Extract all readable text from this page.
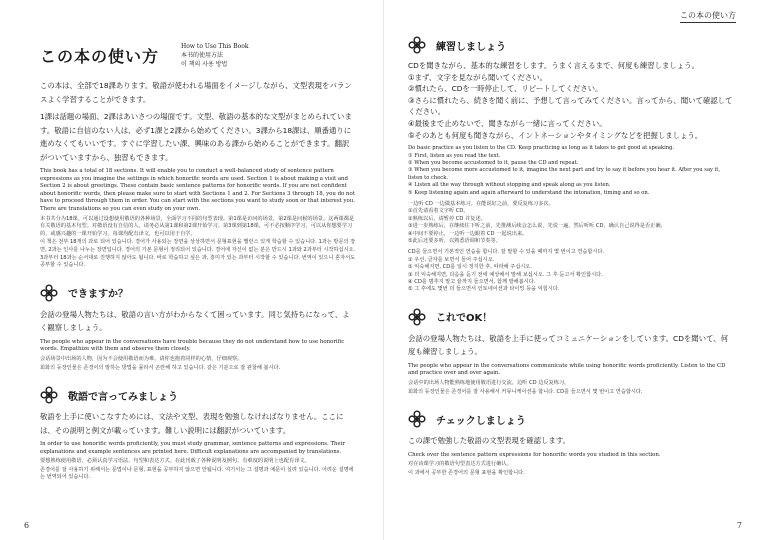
この本の使い方
How to Use This Book
本书的使用方法
이 책의 사용 방법

この本は、全部で18課あります。敬語が使われる場面をイメージしながら、文型表現をバランスよく学習することができます。

1課は話題の場面、2課はあいさつの場面です。文型、敬語の基本的な文型がまとめられています。敬語に自信のない人は、必ず1課と2課から始めてください。3課から18課は、順番通りに進めなくてもいいです。すぐに学習したい課、興味のある課から始めることができます。翻訳がついていますから、独習もできます。

This book has a total of 18 sections. It will enable you to conduct a well-balanced study of sentence pattern expressions as you imagine the settings in which honorific words are used. Section 1 is about making a visit and Section 2 is about greetings. These contain basic sentence patterns for honorific words. If you are not confident about honorific words, then please make sure to start with Sections 1 and 2. For Sections 3 through 18, you do not have to proceed through them in order. You can start with the sections you want to study soon or that interest you. There are translations so you can even study on your own.

本书共分为18课。可以通过设想使用敬语的各种场景，全面学习不同的句型表现。第1课是访问的场景，第2课是问候的场景。这两课都是有关敬语的基本句型。对敬语没有自信的人，请务必从第1课和第2课开始学习。第3课到第18课，可不必按顺序学习，可以从你想要学习的、或感兴趣的一课开始学习。每课均配有译文，也可以用于自学。

이 책은 전부 18개의 과로 되어 있습니다. 경어가 사용되는 장면을 상상하면서 문형표현을 밸런스 있게 학습할 수 있습니다. 1과는 방문의 장면, 2과는 인사를 나누는 장면입니다. 경어의 기본 문형이 정리되어 있습니다. 경어에 자신이 없는 분은 반드시 1과와 2과부터 시작하십시오. 3과부터 18과는 순서대로 진행하지 않아도 됩니다. 바로 학습하고 싶은 과, 흥미가 있는 과부터 시작할 수 있습니다. 번역이 있으니 혼자서도 공부할 수 있습니다.

できますか？

会話の登場人物たちは、敬語の言い方がわからなくて困っています。同じ気持ちになって、よく観察しましょう。

The people who appear in the conversations have trouble because they do not understand how to use honorific words. Empathize with them and observe them closely.

会话场景中出场的人物，因为不会使用敬语而为难。请你也抱着同样的心情，仔细观察。

회화의 등장인물은 존경어의 말하는 방법을 몰라서 곤란해 하고 있습니다. 같은 기분으로 잘 관찰해 봅시다.

敬語で言ってみましょう

敬語を上手に使いこなすためには、文法や文型、表現を勉強しなければなりません。ここには、その説明と例文が載っています。難しい説明には翻訳がついています。

In order to use honorific words proficiently, you must study grammar, sentence patterns and expressions. Their explanations and example sentences are printed here. Difficult explanations are accompanied by translations.

要想熟练使用敬语，必须认真学习语法、句型和表达方式。在此刊载了各种说明及例句。有难度的说明上也配有译文。

존경어를 잘 사용하기 위해서는 문법이나 문형, 표현을 공부하지 않으면 안됩니다. 여기서는 그 설명과 예문이 실려 있습니다. 어려운 설명에는 번역되어 있습니다.

6
この本の使い方
練習しましょう

CDを聞きながら、基本的な練習をします。うまく言えるまで、何度も練習しましょう。

①まず、文字を見ながら聞いてください。

②慣れたら、CDを一時停止して、リピートしてください。

③さらに慣れたら、続きを聞く前に、予想して言ってみてください。言ってから、聞いて確認してください。

④最後まで止めないで、聞きながら一緒に言ってください。

⑤そのあとも何度も聞きながら、イントネーションやタイミングなどを把握しましょう。

Do basic practice as you listen to the CD. Keep practicing as long as it takes to get good at speaking.

① First, listen as you read the text.

② When you become accustomed to it, pause the CD and repeat.

③ When you become more accustomed to it, imagine the next part and try to say it before you hear it. After you say it, listen to check.

④ Listen all the way through without stopping and speak along as you listen.

⑤ Keep listening again and again afterward to understand the intonation, timing and so on.

一边听 CD 一边做基本练习。在能说好之前，要反复练习多次。

①首先请看着文字听 CD。

②熟练以后，请暂停 CD 并复述。

③进一步熟练后，在继续往下听之前，先推测后续会怎么说，先说一遍，然后听听 CD，确认自己说得是否正确。

④中间不要停止，一边听一边跟着 CD 一起说出来。

⑤此后还要多听，以熟悉语调和节奏等。

CD를 들으면서 기본적인 연습을 합니다. 잘 말할 수 있을 때까지 몇 번이고 연습합시다.

① 우선, 글자를 보면서 들어 주십시오.

② 익숙해지면, CD를 일시 정지한 후, 따라해 주십시오.

③ 더 익숙해지면, 다음을 듣기 전에 예상해서 말해 보십시오. 그 후 듣고서 확인합시다.

④ CD를 멈추지 말고 끝까지 들으면서, 함께 말해봅시다.

⑤ 그 후에도 몇번 더 들으면서 인토네이션과 타이밍 등을 익힙시다.

これでOK！

会話の登場人物たちは、敬語を上手に使ってコミュニケーションをしています。CDを聞いて、何度も練習しましょう。

The people who appear in the conversations communicate while using honorific words proficiently. Listen to the CD and practice over and over again.

会话中的出场人物能熟练地使用敬语进行交流。边听 CD 边反复练习。

회화의 등장인물은 존경어를 잘 사용해서 커뮤니케이션을 합니다. CD를 들으면서 몇 번이고 연습합시다.

チェックしましょう

この課で勉強した敬語の文型表現を確認します。

Check over the sentence pattern expressions for honorific words you studied in this section.

对在该课学习的敬语句型表达方式进行确认。

이 과에서 공부한 존경어의 문형 표현을 확인합니다.

7
